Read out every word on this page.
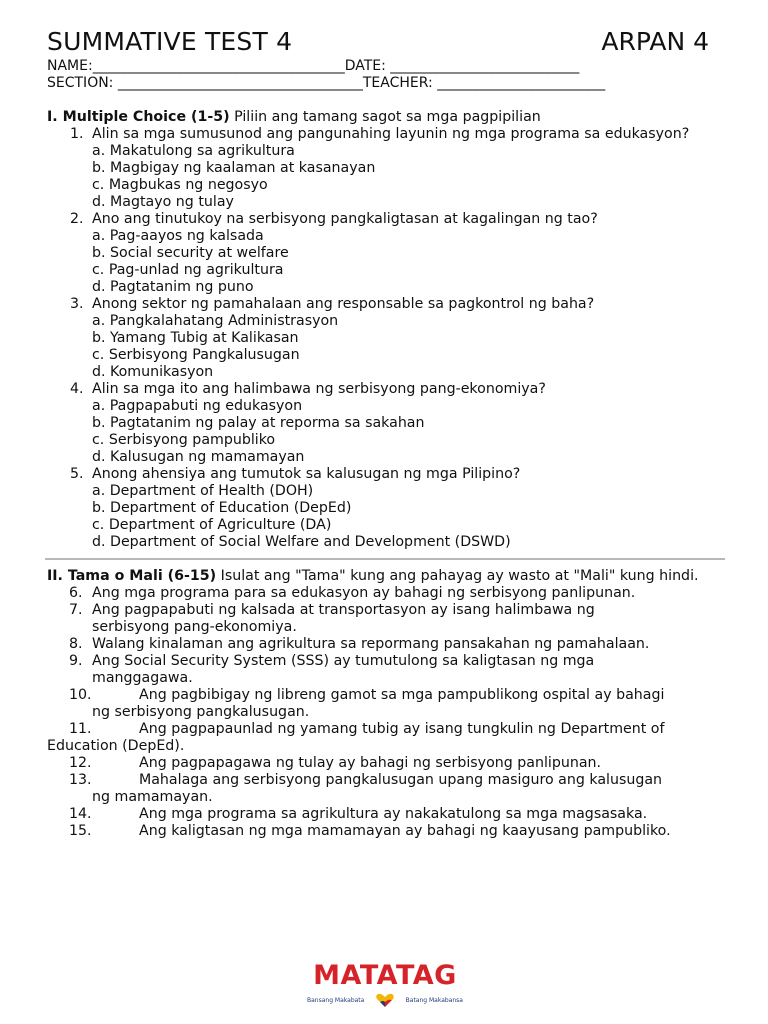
SUMMATIVE TEST 4	ARPAN 4
NAME:____________________________________DATE: ___________________________
SECTION: ___________________________________TEACHER: ________________________
I. Multiple Choice (1-5) Piliin ang tamang sagot sa mga pagpipilian
1. Alin sa mga sumusunod ang pangunahing layunin ng mga programa sa edukasyon?
a. Makatulong sa agrikultura
b. Magbigay ng kaalaman at kasanayan
c. Magbukas ng negosyo
d. Magtayo ng tulay
2. Ano ang tinutukoy na serbisyong pangkaligtasan at kagalingan ng tao?
a. Pag-aayos ng kalsada
b. Social security at welfare
c. Pag-unlad ng agrikultura
d. Pagtatanim ng puno
3. Anong sektor ng pamahalaan ang responsable sa pagkontrol ng baha?
a. Pangkalahatang Administrasyon
b. Yamang Tubig at Kalikasan
c. Serbisyong Pangkalusugan
d. Komunikasyon
4. Alin sa mga ito ang halimbawa ng serbisyong pang-ekonomiya?
a. Pagpapabuti ng edukasyon
b. Pagtatanim ng palay at reporma sa sakahan
c. Serbisyong pampubliko
d. Kalusugan ng mamamayan
5. Anong ahensiya ang tumutok sa kalusugan ng mga Pilipino?
a. Department of Health (DOH)
b. Department of Education (DepEd)
c. Department of Agriculture (DA)
d. Department of Social Welfare and Development (DSWD)
II. Tama o Mali (6-15) Isulat ang "Tama" kung ang pahayag ay wasto at "Mali" kung hindi.
6. Ang mga programa para sa edukasyon ay bahagi ng serbisyong panlipunan.
7. Ang pagpapabuti ng kalsada at transportasyon ay isang halimbawa ng
serbisyong pang-ekonomiya.
8. Walang kinalaman ang agrikultura sa repormang pansakahan ng pamahalaan.
9. Ang Social Security System (SSS) ay tumutulong sa kaligtasan ng mga
manggagawa.
10.	Ang pagbibigay ng libreng gamot sa mga pampublikong ospital ay bahagi
ng serbisyong pangkalusugan.
11.	Ang pagpapaunlad ng yamang tubig ay isang tungkulin ng Department of
Education (DepEd).
12.	Ang pagpapagawa ng tulay ay bahagi ng serbisyong panlipunan.
13.	Mahalaga ang serbisyong pangkalusugan upang masiguro ang kalusugan
ng mamamayan.
14.	Ang mga programa sa agrikultura ay nakakatulong sa mga magsasaka.
15.	Ang kaligtasan ng mga mamamayan ay bahagi ng kaayusang pampubliko.
MATATAG
Bansang Makabata	Batang Makabansa
